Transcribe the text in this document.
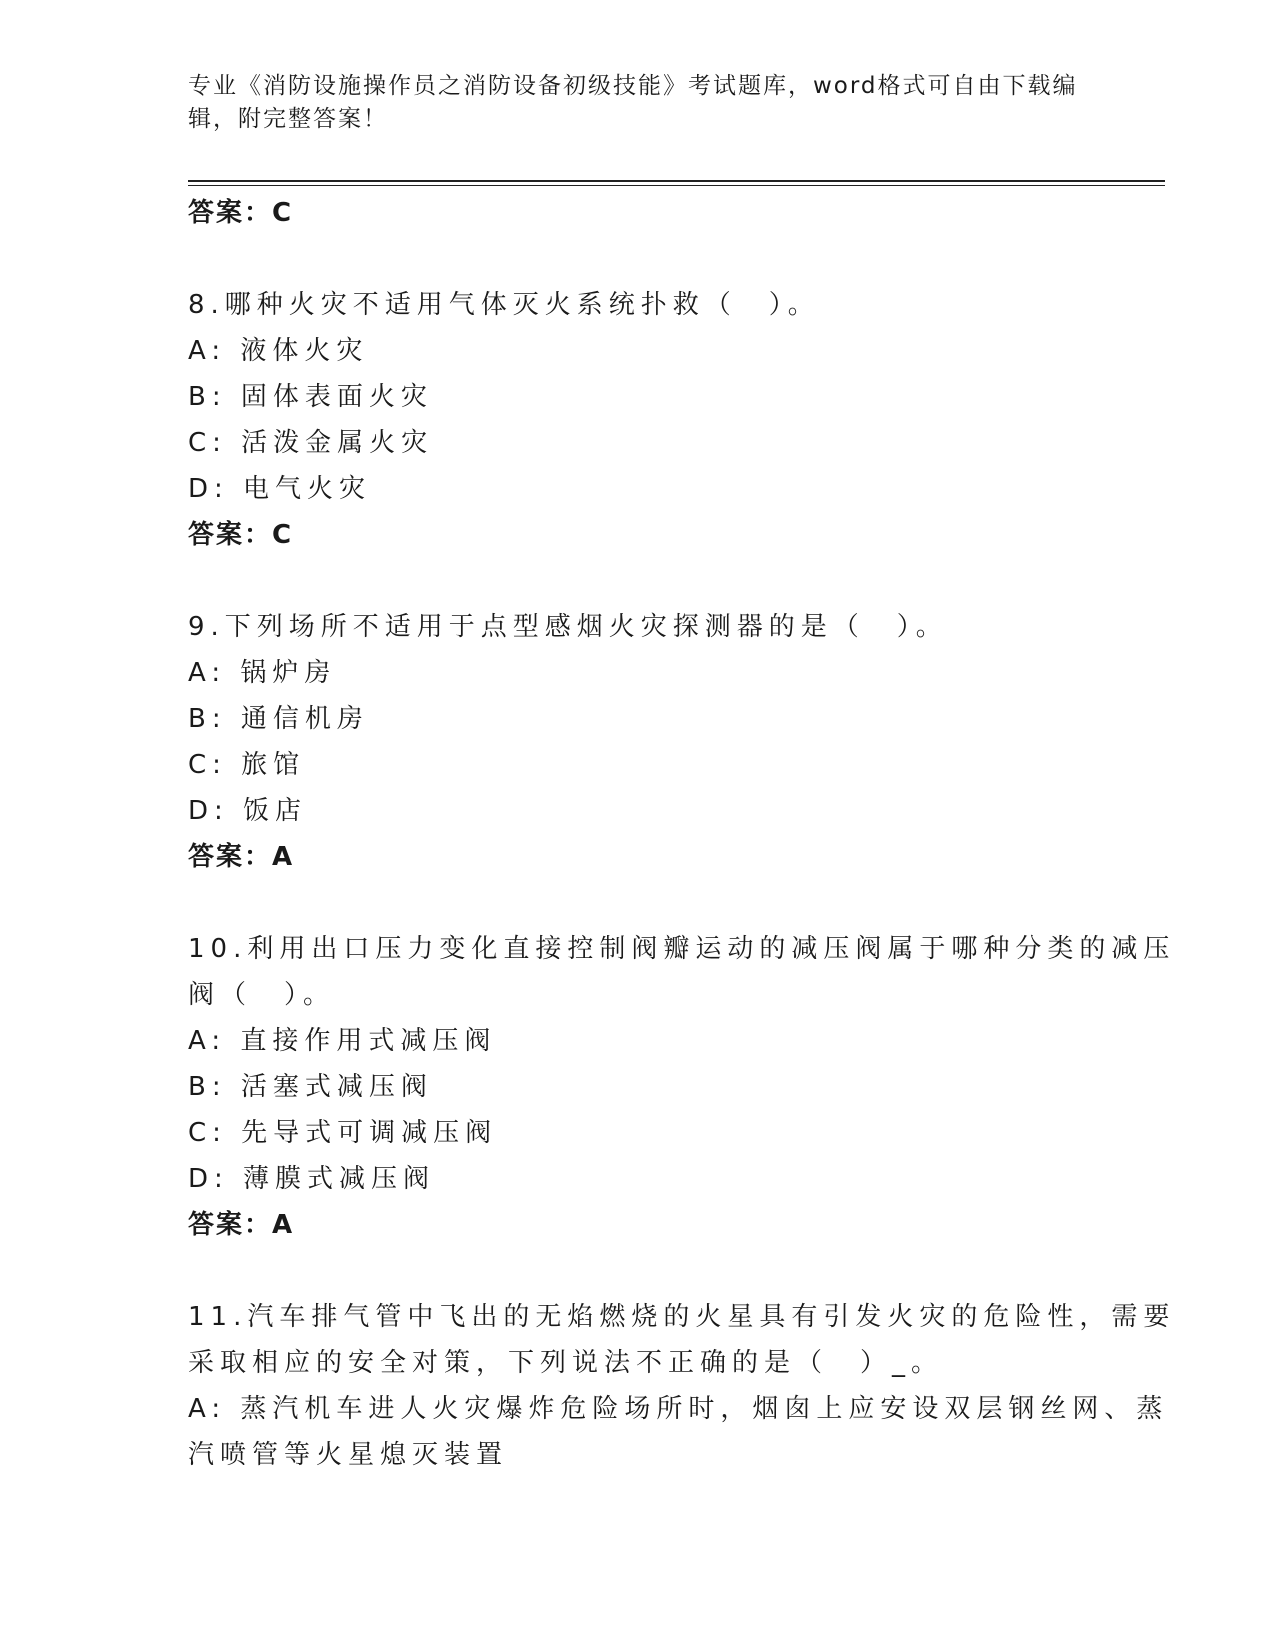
专业《消防设施操作员之消防设备初级技能》考试题库，word格式可自由下载编
辑，附完整答案！
答案：C
8.哪种火灾不适用气体灭火系统扑救（　）。
A: 液体火灾
B: 固体表面火灾
C: 活泼金属火灾
D: 电气火灾
答案：C
9.下列场所不适用于点型感烟火灾探测器的是（　）。
A: 锅炉房
B: 通信机房
C: 旅馆
D: 饭店
答案：A
10.利用出口压力变化直接控制阀瓣运动的减压阀属于哪种分类的减压
阀（　）。
A: 直接作用式减压阀
B: 活塞式减压阀
C: 先导式可调减压阀
D: 薄膜式减压阀
答案：A
11.汽车排气管中飞出的无焰燃烧的火星具有引发火灾的危险性，需要
采取相应的安全对策，下列说法不正确的是（　）_。
A: 蒸汽机车进人火灾爆炸危险场所时，烟囱上应安设双层钢丝网、蒸
汽喷管等火星熄灭装置
